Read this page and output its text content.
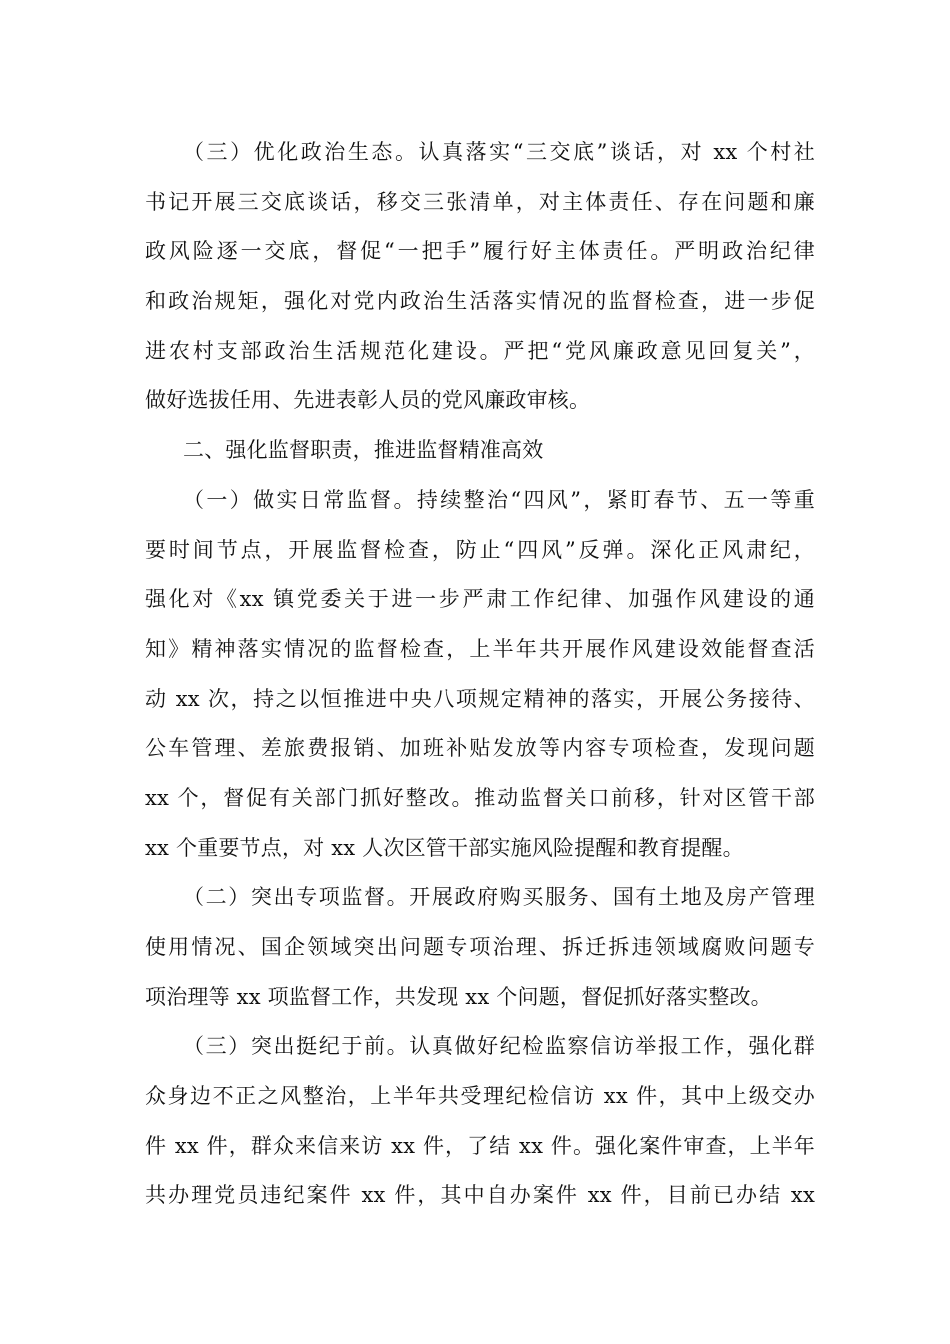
（三）优化政治生态。认真落实“三交底”谈话，对 xx 个村社
书记开展三交底谈话，移交三张清单，对主体责任、存在问题和廉
政风险逐一交底，督促“一把手”履行好主体责任。严明政治纪律
和政治规矩，强化对党内政治生活落实情况的监督检查，进一步促
进农村支部政治生活规范化建设。严把“党风廉政意见回复关”，
做好选拔任用、先进表彰人员的党风廉政审核。
二、强化监督职责，推进监督精准高效
（一）做实日常监督。持续整治“四风”，紧盯春节、五一等重
要时间节点，开展监督检查，防止“四风”反弹。深化正风肃纪，
强化对《xx 镇党委关于进一步严肃工作纪律、加强作风建设的通
知》精神落实情况的监督检查，上半年共开展作风建设效能督查活
动 xx 次，持之以恒推进中央八项规定精神的落实，开展公务接待、
公车管理、差旅费报销、加班补贴发放等内容专项检查，发现问题
xx 个，督促有关部门抓好整改。推动监督关口前移，针对区管干部
xx 个重要节点，对 xx 人次区管干部实施风险提醒和教育提醒。
（二）突出专项监督。开展政府购买服务、国有土地及房产管理
使用情况、国企领域突出问题专项治理、拆迁拆违领域腐败问题专
项治理等 xx 项监督工作，共发现 xx 个问题，督促抓好落实整改。
（三）突出挺纪于前。认真做好纪检监察信访举报工作，强化群
众身边不正之风整治，上半年共受理纪检信访 xx 件，其中上级交办
件 xx 件，群众来信来访 xx 件，了结 xx 件。强化案件审查，上半年
共办理党员违纪案件 xx 件，其中自办案件 xx 件，目前已办结 xx
